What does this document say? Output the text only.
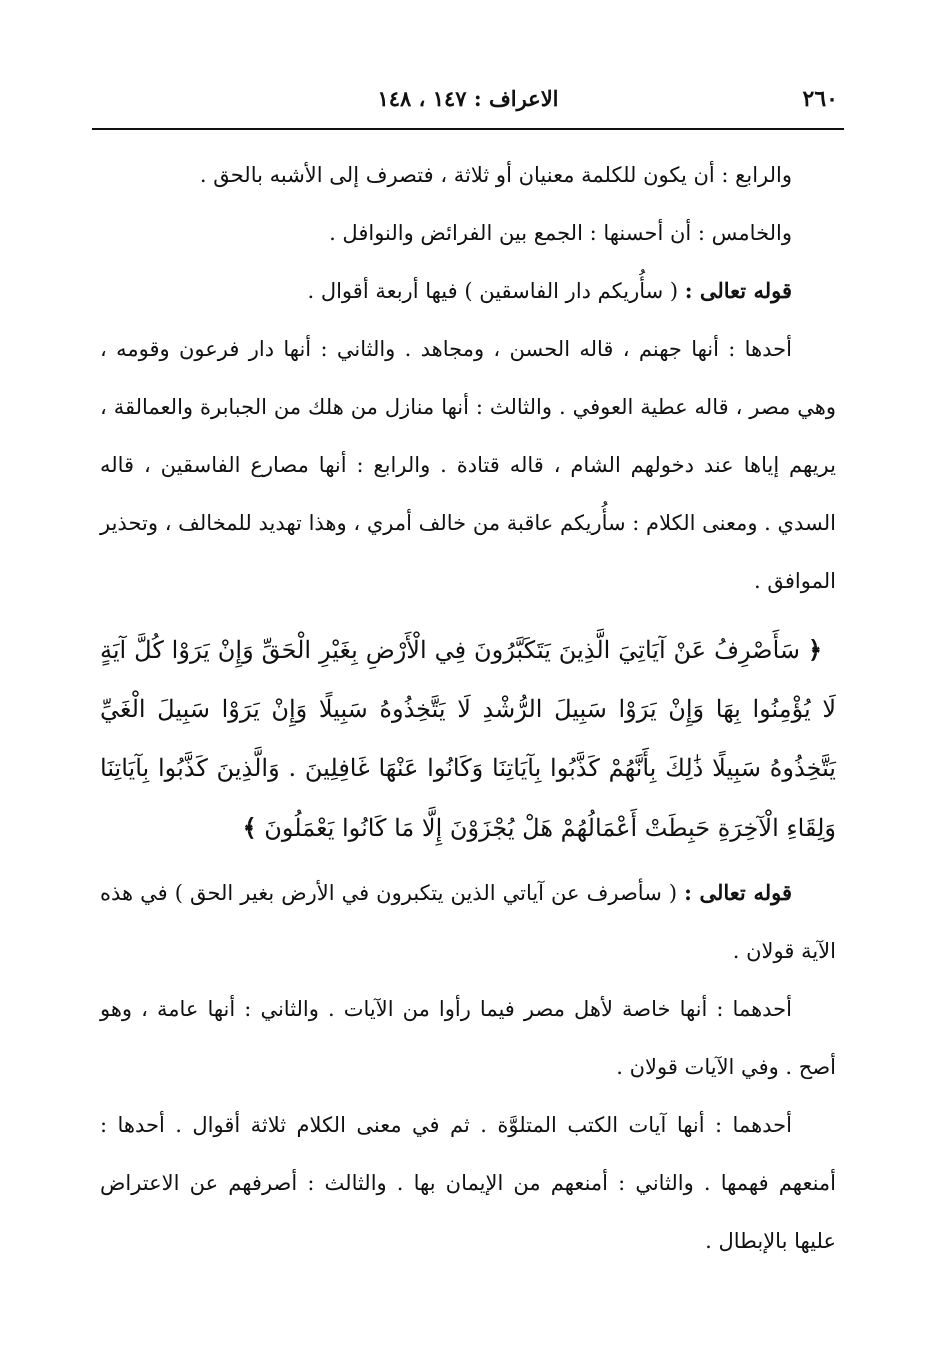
٢٦٠
الاعراف : ١٤٧ ، ١٤٨

والرابع : أن يكون للكلمة معنيان أو ثلاثة ، فتصرف إلى الأشبه بالحق .

والخامس : أن أحسنها : الجمع بين الفرائض والنوافل .

قوله تعالى : ( سأُريكم دار الفاسقين ) فيها أربعة أقوال .

أحدها : أنها جهنم ، قاله الحسن ، ومجاهد . والثاني : أنها دار فرعون وقومه ، وهي مصر ، قاله عطية العوفي . والثالث : أنها منازل من هلك من الجبابرة والعمالقة ، يريهم إياها عند دخولهم الشام ، قاله قتادة . والرابع : أنها مصارع الفاسقين ، قاله السدي . ومعنى الكلام : سأُريكم عاقبة من خالف أمري ، وهذا تهديد للمخالف ، وتحذير الموافق .

﴿ سَأَصْرِفُ عَنْ آيَاتِيَ الَّذِينَ يَتَكَبَّرُونَ فِي الْأَرْضِ بِغَيْرِ الْحَقِّ وَإِنْ يَرَوْا كُلَّ آيَةٍ لَا يُؤْمِنُوا بِهَا وَإِنْ يَرَوْا سَبِيلَ الرُّشْدِ لَا يَتَّخِذُوهُ سَبِيلًا وَإِنْ يَرَوْا سَبِيلَ الْغَيِّ يَتَّخِذُوهُ سَبِيلًا ذَٰلِكَ بِأَنَّهُمْ كَذَّبُوا بِآيَاتِنَا وَكَانُوا عَنْهَا غَافِلِينَ . وَالَّذِينَ كَذَّبُوا بِآيَاتِنَا وَلِقَاءِ الْآخِرَةِ حَبِطَتْ أَعْمَالُهُمْ هَلْ يُجْزَوْنَ إِلَّا مَا كَانُوا يَعْمَلُونَ ﴾

قوله تعالى : ( سأصرف عن آياتي الذين يتكبرون في الأرض بغير الحق ) في هذه الآية قولان .

أحدهما : أنها خاصة لأهل مصر فيما رأوا من الآيات . والثاني : أنها عامة ، وهو أصح . وفي الآيات قولان .

أحدهما : أنها آيات الكتب المتلوَّة . ثم في معنى الكلام ثلاثة أقوال . أحدها : أمنعهم فهمها . والثاني : أمنعهم من الإيمان بها . والثالث : أصرفهم عن الاعتراض عليها بالإبطال .
